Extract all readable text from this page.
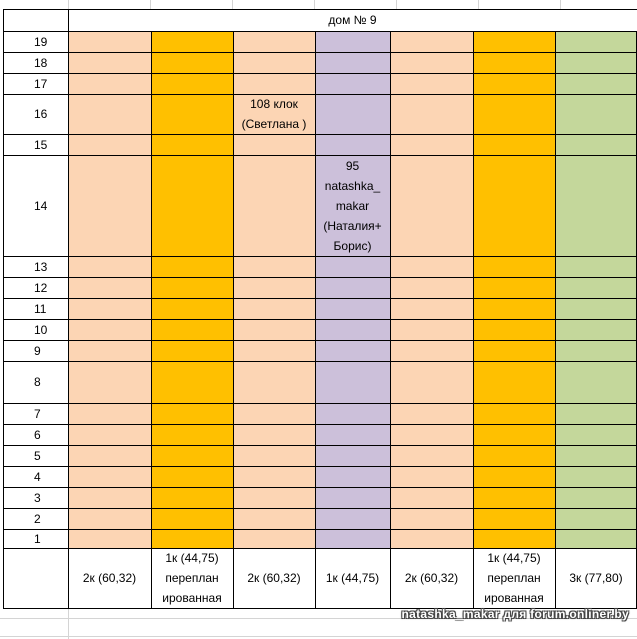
дом № 9
19
18
17
16
15
14
13
12
11
10
9
8
7
6
5
4
3
2
1
108 клок
(Светлана )
95
natashka_
makar
(Наталия+
Борис)
2к (60,32)
1к (44,75)
переплан
ированная
2к (60,32)	1к (44,75)	2к (60,32)
1к (44,75)
переплан
ированная
3к (77,80)
natashka_makar для forum.onliner.by
